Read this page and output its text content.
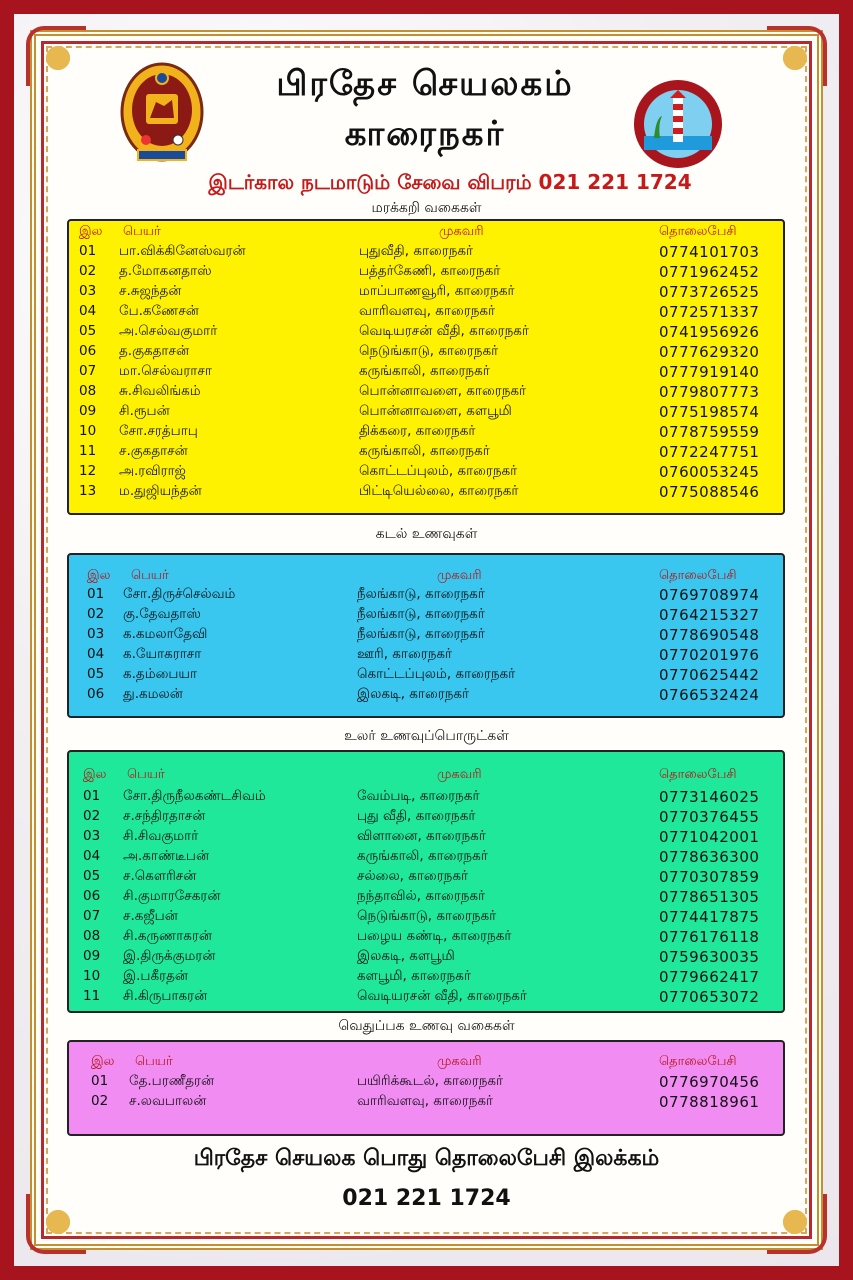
பிரதேச செயலகம்
காரைநகர்
இடர்கால நடமாடும் சேவை விபரம் 021 221 1724
மரக்கறி வகைகள்
இல பெயர்	முகவரி	தொலைபேசி
01 பா.விக்கினேஸ்வரன்	புதுவீதி, காரைநகர்	0774101703
02 த.மோகனதாஸ்	பத்தர்கேணி, காரைநகர்	0771962452
03 ச.சுஜந்தன்	மாப்பாணவூரி, காரைநகர்	0773726525
04 பே.கணேசன்	வாரிவளவு, காரைநகர்	0772571337
05 அ.செல்வகுமார்	வெடியரசன் வீதி, காரைநகர்	0741956926
06 த.குகதாசன்	நெடுங்காடு, காரைநகர்	0777629320
07 மா.செல்வராசா	கருங்காலி, காரைநகர்	0777919140
08 சு.சிவலிங்கம்	பொன்னாவளை, காரைநகர்	0779807773
09 சி.ரூபன்	பொன்னாவளை, களபூமி	0775198574
10 சோ.சரத்பாபு	திக்கரை, காரைநகர்	0778759559
11 ச.குகதாசன்	கருங்காலி, காரைநகர்	0772247751
12 அ.ரவிராஜ்	கொட்டப்புலம், காரைநகர்	0760053245
13 ம.துஜியந்தன்	பிட்டியெல்லை, காரைநகர்	0775088546
கடல் உணவுகள்
இல பெயர்	முகவரி	தொலைபேசி
01 சோ.திருச்செல்வம்	நீலங்காடு, காரைநகர்	0769708974
02 கு.தேவதாஸ்	நீலங்காடு, காரைநகர்	0764215327
03 க.கமலாதேவி	நீலங்காடு, காரைநகர்	0778690548
04 க.யோகராசா	ஊரி, காரைநகர்	0770201976
05 க.தம்பையா	கொட்டப்புலம், காரைநகர்	0770625442
06 து.கமலன்	இலகடி, காரைநகர்	0766532424
உலர் உணவுப்பொருட்கள்
இல பெயர்	முகவரி	தொலைபேசி
01 சோ.திருநீலகண்டசிவம்	வேம்படி, காரைநகர்	0773146025
02 ச.சந்திரதாசன்	புது வீதி, காரைநகர்	0770376455
03 சி.சிவகுமார்	விளானை, காரைநகர்	0771042001
04 அ.காண்டீபன்	கருங்காலி, காரைநகர்	0778636300
05 ச.கௌரிசன்	சல்லை, காரைநகர்	0770307859
06 சி.குமாரசேகரன்	நந்தாவில், காரைநகர்	0778651305
07 ச.கஜீபன்	நெடுங்காடு, காரைநகர்	0774417875
08 சி.கருணாகரன்	பழைய கண்டி, காரைநகர்	0776176118
09 இ.திருக்குமரன்	இலகடி, களபூமி	0759630035
10 இ.பகீரதன்	களபூமி, காரைநகர்	0779662417
11 சி.கிருபாகரன்	வெடியரசன் வீதி, காரைநகர்	0770653072
வெதுப்பக உணவு வகைகள்
இல பெயர்	முகவரி	தொலைபேசி
01 தே.பரணீதரன்	பயிரிக்கூடல், காரைநகர்	0776970456
02 ச.லவபாலன்	வாரிவளவு, காரைநகர்	0778818961
பிரதேச செயலக பொது தொலைபேசி இலக்கம்
021 221 1724
